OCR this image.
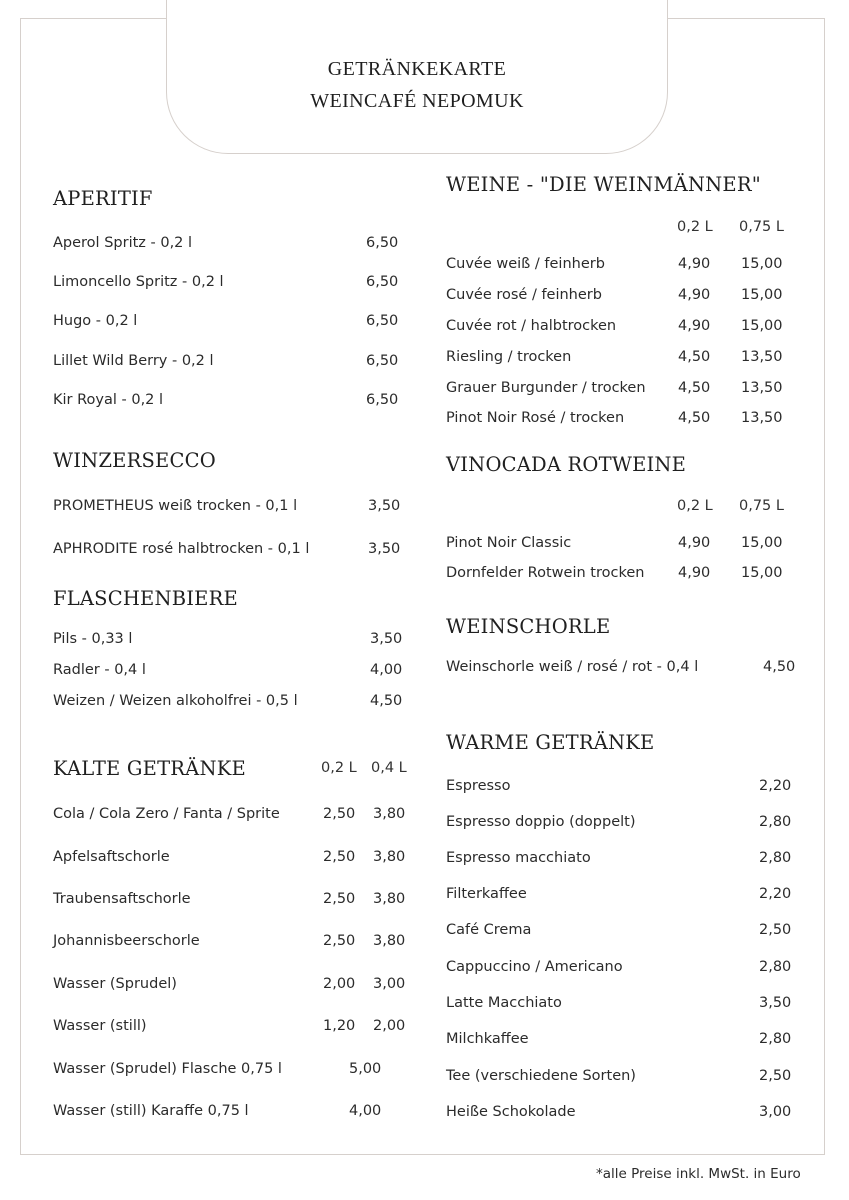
GETRÄNKEKARTE
WEINCAFÉ NEPOMUK
APERITIF
Aperol Spritz - 0,2 l	6,50
Limoncello Spritz - 0,2 l	6,50
Hugo - 0,2 l	6,50
Lillet Wild Berry - 0,2 l	6,50
Kir Royal - 0,2 l	6,50
WINZERSECCO
PROMETHEUS weiß trocken - 0,1 l	3,50
APHRODITE rosé halbtrocken - 0,1 l	3,50
FLASCHENBIERE
Pils - 0,33 l	3,50
Radler - 0,4 l	4,00
Weizen / Weizen alkoholfrei - 0,5 l	4,50
KALTE GETRÄNKE	0,2 L 0,4 L
Cola / Cola Zero / Fanta / Sprite	2,50 3,80
Apfelsaftschorle	2,50 3,80
Traubensaftschorle	2,50 3,80
Johannisbeerschorle	2,50 3,80
Wasser (Sprudel)	2,00 3,00
Wasser (still)	1,20 2,00
Wasser (Sprudel) Flasche 0,75 l	5,00
Wasser (still) Karaffe 0,75 l	4,00
WEINE - "DIE WEINMÄNNER"
0,2 L 0,75 L
Cuvée weiß / feinherb	4,90 15,00
Cuvée rosé / feinherb	4,90 15,00
Cuvée rot / halbtrocken	4,90 15,00
Riesling / trocken	4,50 13,50
Grauer Burgunder / trocken 4,50 13,50
Pinot Noir Rosé / trocken	4,50 13,50
VINOCADA ROTWEINE
0,2 L 0,75 L
Pinot Noir Classic	4,90 15,00
Dornfelder Rotwein trocken 4,90 15,00
WEINSCHORLE
Weinschorle weiß / rosé / rot - 0,4 l	4,50
WARME GETRÄNKE
Espresso	2,20
Espresso doppio (doppelt)	2,80
Espresso macchiato	2,80
Filterkaffee	2,20
Café Crema	2,50
Cappuccino / Americano	2,80
Latte Macchiato	3,50
Milchkaffee	2,80
Tee (verschiedene Sorten)	2,50
Heiße Schokolade	3,00
*alle Preise inkl. MwSt. in Euro
